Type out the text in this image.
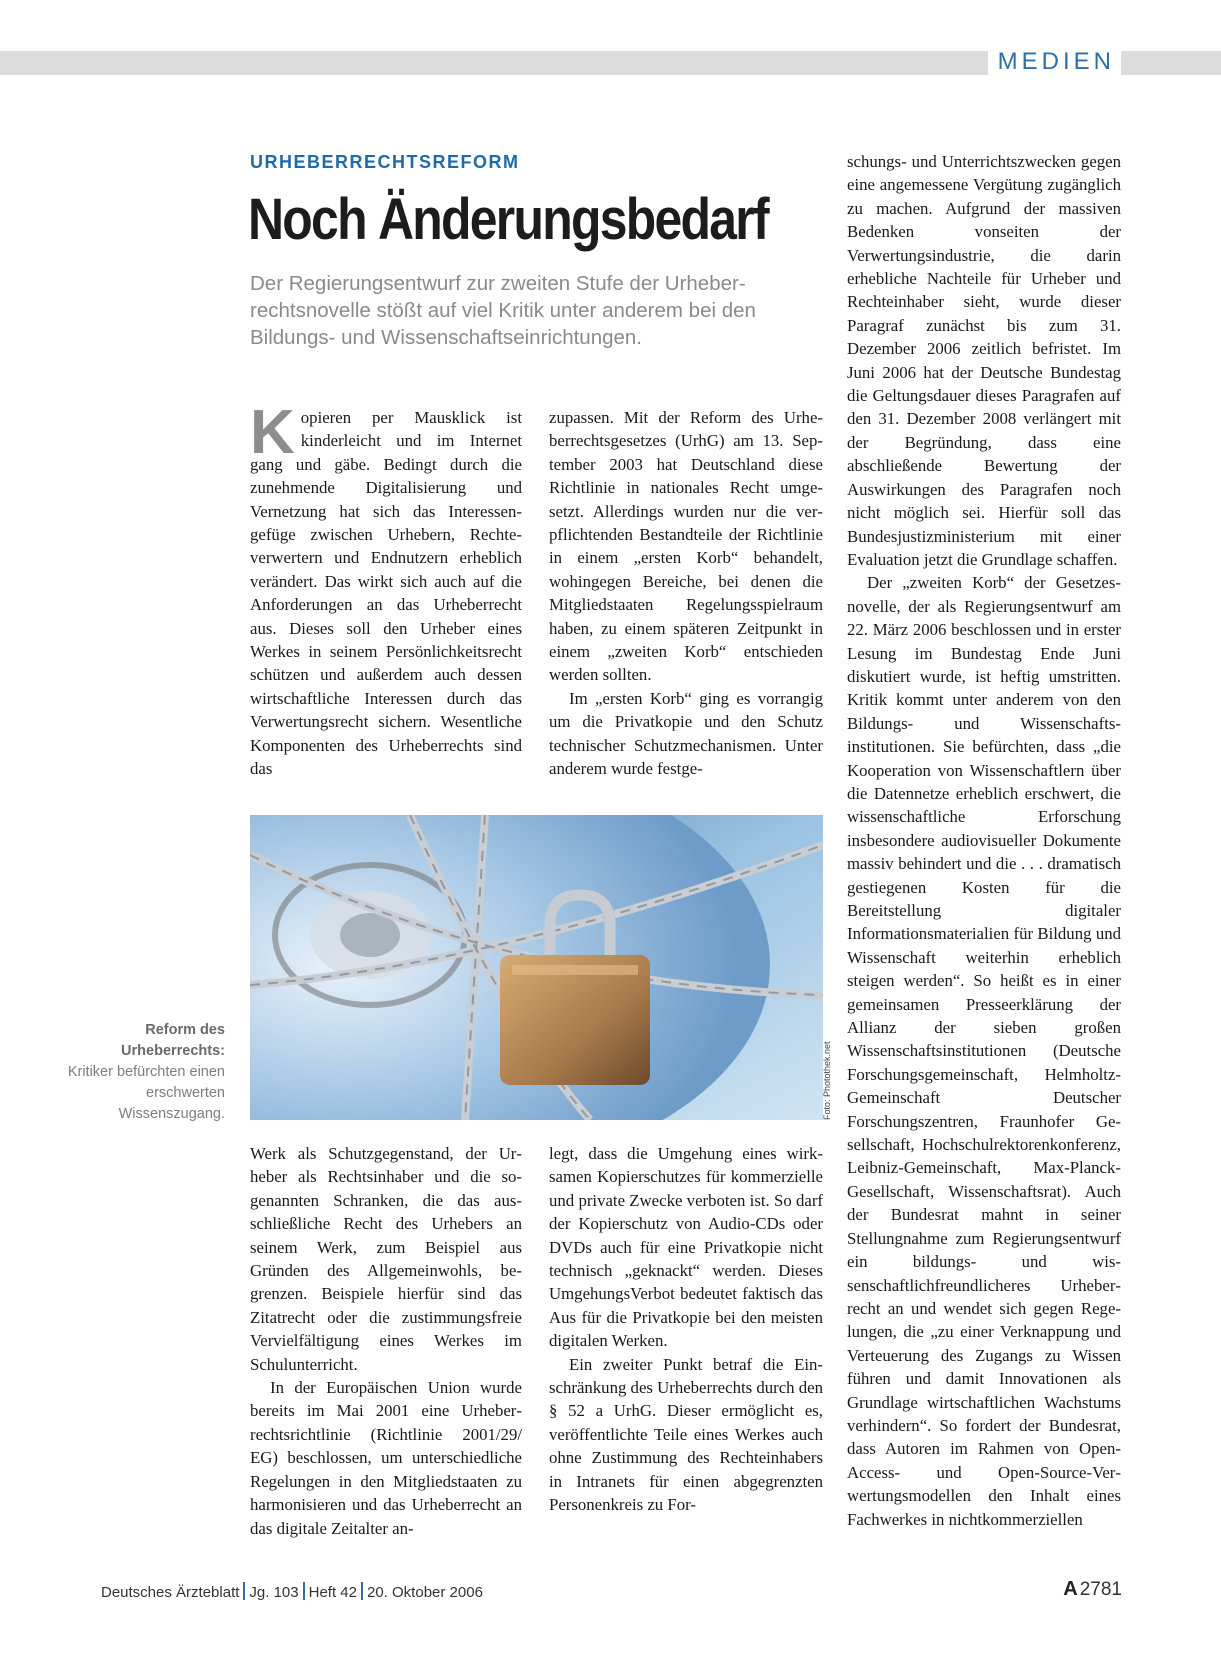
MEDIEN
URHEBERRECHTSREFORM
Noch Änderungsbedarf

Der Regierungsentwurf zur zweiten Stufe der Urheberrechtsnovelle stößt auf viel Kritik unter anderem bei den Bildungs- und Wissenschaftseinrichtungen.

K opieren per Mausklick ist kinderleicht und im Internet gang und gäbe. Bedingt durch die zunehmende Digitalisierung und Vernetzung hat sich das Interessengefüge zwischen Urhebern, Rechteverwertern und Endnutzern erheblich verändert. Das wirkt sich auch auf die Anforderungen an das Urheberrecht aus. Dieses soll den Urheber eines Werkes in seinem Persönlichkeitsrecht schützen und außerdem auch dessen wirtschaftliche Interessen durch das Verwertungsrecht sichern. Wesentliche Komponenten des Urheberrechts sind das

zupassen. Mit der Reform des Urheberrechtsgesetzes (UrhG) am 13. September 2003 hat Deutschland diese Richtlinie in nationales Recht umgesetzt. Allerdings wurden nur die verpflichtenden Bestandteile der Richtlinie in einem „ersten Korb“ behandelt, wohingegen Bereiche, bei denen die Mitgliedstaaten Regelungsspielraum haben, zu einem späteren Zeitpunkt in einem „zweiten Korb“ entschieden werden sollten.

Im „ersten Korb“ ging es vorrangig um die Privatkopie und den Schutz technischer Schutzmechanismen. Unter anderem wurde festge-

schungs- und Unterrichtszwecken gegen eine angemessene Vergütung zugänglich zu machen. Aufgrund der massiven Bedenken vonseiten der Verwertungsindustrie, die darin erhebliche Nachteile für Urheber und Rechteinhaber sieht, wurde dieser Paragraf zunächst bis zum 31. Dezember 2006 zeitlich befristet. Im Juni 2006 hat der Deutsche Bundestag die Geltungsdauer dieses Paragrafen auf den 31. Dezember 2008 verlängert mit der Begründung, dass eine abschließende Bewertung der Auswirkungen des Paragrafen noch nicht möglich sei. Hierfür soll das Bundesjustizministerium mit einer Evaluation jetzt die Grundlage schaffen.

Der „zweiten Korb“ der Gesetzesnovelle, der als Regierungsentwurf am 22. März 2006 beschlossen und in erster Lesung im Bundestag Ende Juni diskutiert wurde, ist heftig umstritten. Kritik kommt unter anderem von den Bildungs- und Wissenschaftsinstitutionen. Sie befürchten, dass „die Kooperation von Wissenschaftlern über die Datennetze erheblich erschwert, die wissenschaftliche Erforschung insbesondere audiovisueller Dokumente massiv behindert und die . . . dramatisch gestiegenen Kosten für die Bereitstellung digitaler Informationsmaterialien für Bildung und Wissenschaft weiterhin erheblich steigen werden“. So heißt es in einer gemeinsamen Presseerklärung der Allianz der sieben großen Wissenschaftsinstitutionen (Deutsche Forschungsgemeinschaft, Helmholtz-Gemeinschaft Deutscher Forschungszentren, Fraunhofer Gesellschaft, Hochschulrektorenkonferenz, Leibniz-Gemeinschaft, Max-Planck-Gesellschaft, Wissenschaftsrat). Auch der Bundesrat mahnt in seiner Stellungnahme zum Regierungsentwurf ein bildungs- und wissenschaftlichfreundlicheres Urheberrecht an und wendet sich gegen Regelungen, die „zu einer Verknappung und Verteuerung des Zugangs zu Wissen führen und damit Innovationen als Grundlage wirtschaftlichen Wachstums verhindern“. So fordert der Bundesrat, dass Autoren im Rahmen von Open-Access- und Open-Source-Verwertungsmodellen den Inhalt eines Fachwerkes in nichtkommerziellen

Foto: Photothek.net
Reform des Urheberrechts:
Kritiker befürchten einen erschwerten Wissenszugang.

Werk als Schutzgegenstand, der Urheber als Rechtsinhaber und die sogenannten Schranken, die das ausschließliche Recht des Urhebers an seinem Werk, zum Beispiel aus Gründen des Allgemeinwohls, begrenzen. Beispiele hierfür sind das Zitatrecht oder die zustimmungsfreie Vervielfältigung eines Werkes im Schulunterricht.

In der Europäischen Union wurde bereits im Mai 2001 eine Urheberrechtsrichtlinie (Richtlinie 2001/29/ EG) beschlossen, um unterschiedliche Regelungen in den Mitgliedstaaten zu harmonisieren und das Urheberrecht an das digitale Zeitalter an-

legt, dass die Umgehung eines wirksamen Kopierschutzes für kommerzielle und private Zwecke verboten ist. So darf der Kopierschutz von Audio-CDs oder DVDs auch für eine Privatkopie nicht technisch „geknackt“ werden. Dieses UmgehungsVerbot bedeutet faktisch das Aus für die Privatkopie bei den meisten digitalen Werken.

Ein zweiter Punkt betraf die Einschränkung des Urheberrechts durch den § 52 a UrhG. Dieser ermöglicht es, veröffentlichte Teile eines Werkes auch ohne Zustimmung des Rechteinhabers in Intranets für einen abgegrenzten Personenkreis zu For-

Deutsches Ärzteblatt Jg. 103 Heft 42 20. Oktober 2006	A 2781
